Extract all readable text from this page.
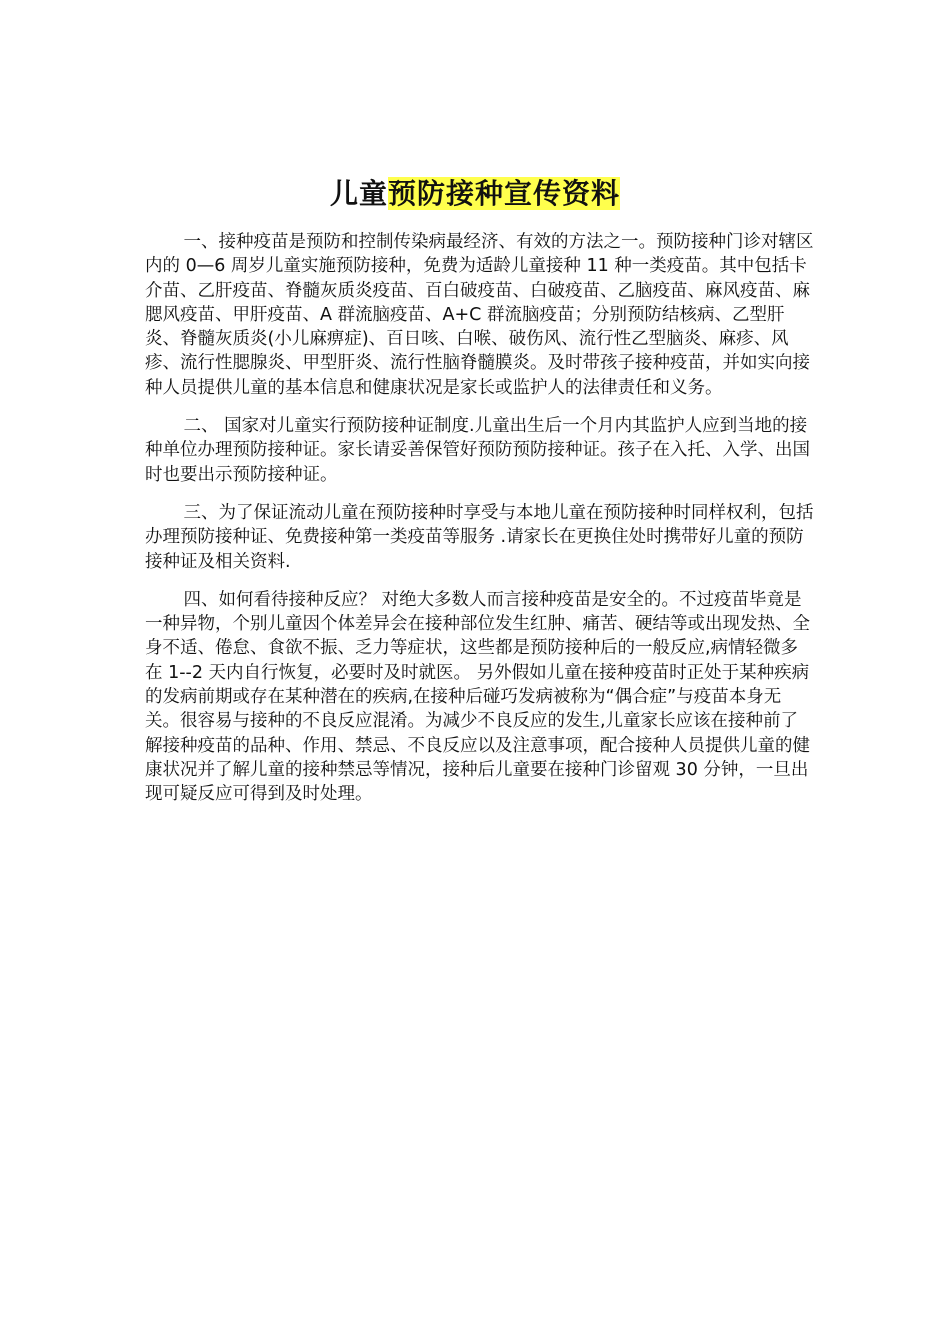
儿童预防接种宣传资料

一、接种疫苗是预防和控制传染病最经济、有效的方法之一。预防接种门诊对辖区内的 0—6 周岁儿童实施预防接种，免费为适龄儿童接种 11 种一类疫苗。其中包括卡介苗、乙肝疫苗、脊髓灰质炎疫苗、百白破疫苗、白破疫苗、乙脑疫苗、麻风疫苗、麻腮风疫苗、甲肝疫苗、A 群流脑疫苗、A+C 群流脑疫苗；分别预防结核病、乙型肝炎、脊髓灰质炎(小儿麻痹症)、百日咳、白喉、破伤风、流行性乙型脑炎、麻疹、风疹、流行性腮腺炎、甲型肝炎、流行性脑脊髓膜炎。及时带孩子接种疫苗，并如实向接种人员提供儿童的基本信息和健康状况是家长或监护人的法律责任和义务。

二、 国家对儿童实行预防接种证制度.儿童出生后一个月内其监护人应到当地的接种单位办理预防接种证。家长请妥善保管好预防预防接种证。孩子在入托、入学、出国时也要出示预防接种证。

三、为了保证流动儿童在预防接种时享受与本地儿童在预防接种时同样权利，包括办理预防接种证、免费接种第一类疫苗等服务 .请家长在更换住处时携带好儿童的预防接种证及相关资料.

四、如何看待接种反应？ 对绝大多数人而言接种疫苗是安全的。不过疫苗毕竟是一种异物，个别儿童因个体差异会在接种部位发生红肿、痛苦、硬结等或出现发热、全身不适、倦怠、食欲不振、乏力等症状，这些都是预防接种后的一般反应,病情轻微多在 1--2 天内自行恢复，必要时及时就医。 另外假如儿童在接种疫苗时正处于某种疾病的发病前期或存在某种潜在的疾病,在接种后碰巧发病被称为“偶合症”与疫苗本身无关。很容易与接种的不良反应混淆。为减少不良反应的发生,儿童家长应该在接种前了解接种疫苗的品种、作用、禁忌、不良反应以及注意事项，配合接种人员提供儿童的健康状况并了解儿童的接种禁忌等情况，接种后儿童要在接种门诊留观 30 分钟，一旦出现可疑反应可得到及时处理。
